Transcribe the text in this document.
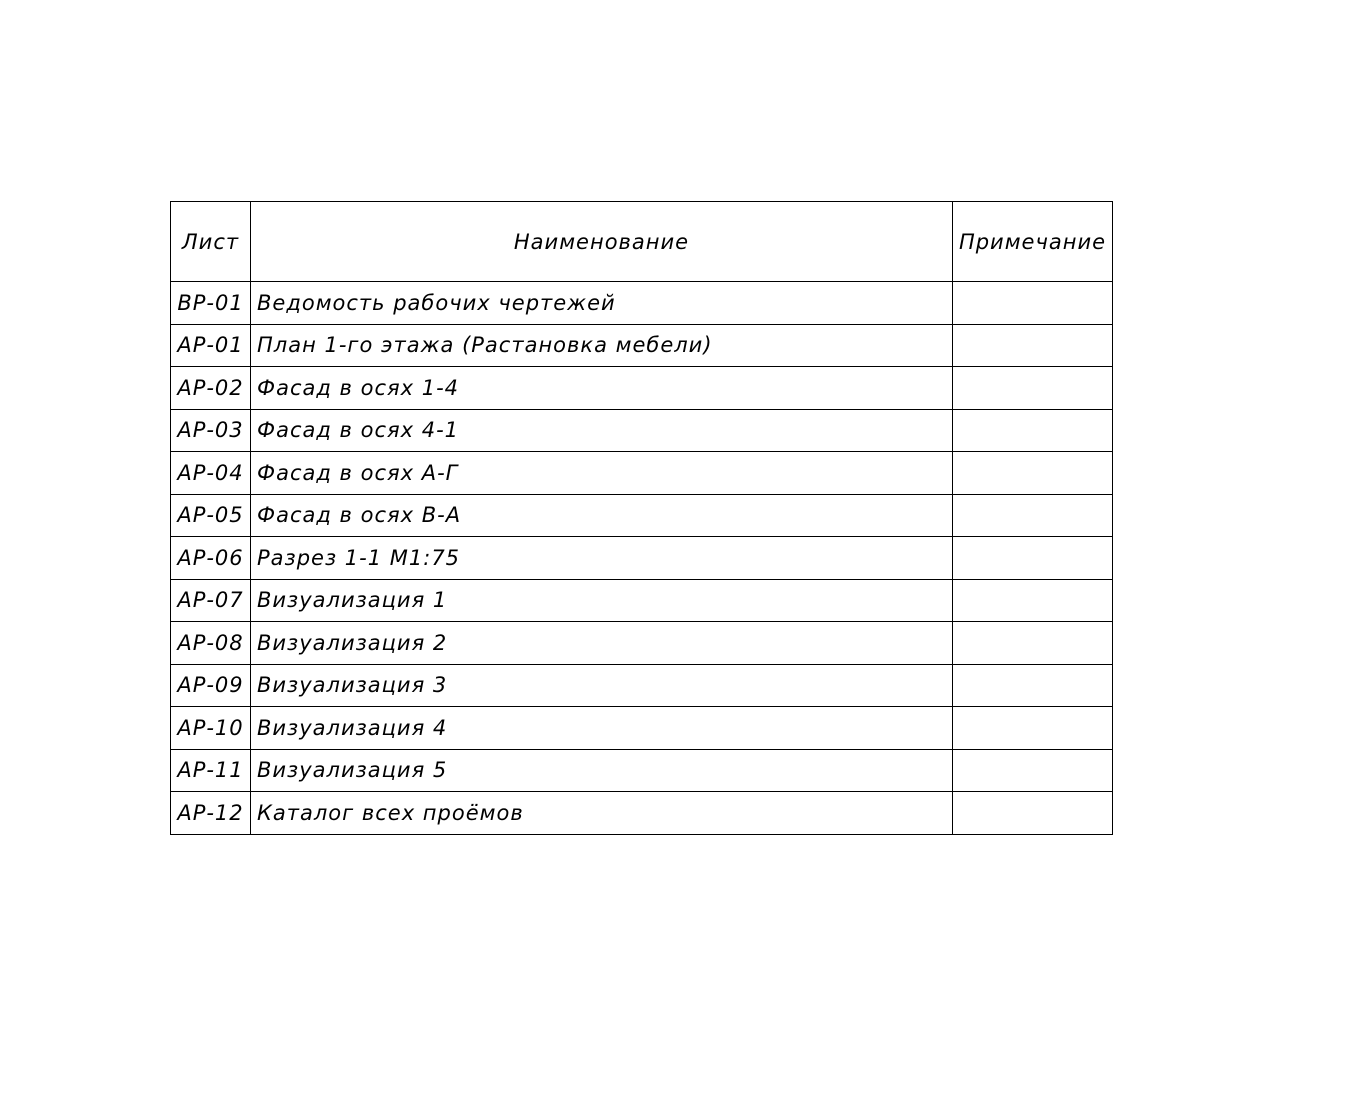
Лист	Наименование	Примечание
ВР-01	Ведомость рабочих чертежей	
АР-01	План 1-го этажа (Растановка мебели)	
АР-02	Фасад в осях 1-4	
АР-03	Фасад в осях 4-1	
АР-04	Фасад в осях А-Г	
АР-05	Фасад в осях В-А	
АР-06	Разрез 1-1 М1:75	
АР-07	Визуализация 1	
АР-08	Визуализация 2	
АР-09	Визуализация 3	
АР-10	Визуализация 4	
АР-11	Визуализация 5	
АР-12	Каталог всех проёмов	
